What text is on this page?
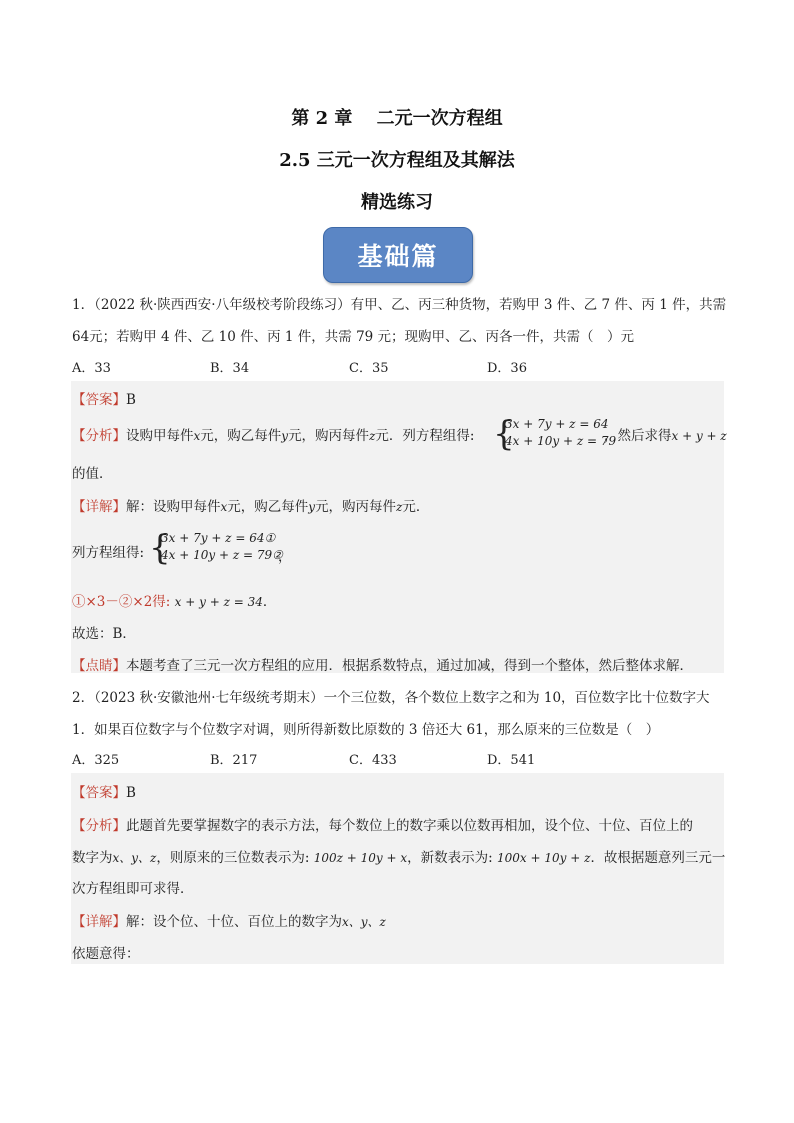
第 2 章　 二元一次方程组
2.5 三元一次方程组及其解法
精选练习
基础篇
1．（2022 秋·陕西西安·八年级校考阶段练习）有甲、乙、丙三种货物，若购甲 3 件、乙 7 件、丙 1 件，共需
64元；若购甲 4 件、乙 10 件、丙 1 件，共需 79 元；现购甲、乙、丙各一件，共需（　）元
A．33	B．34	C．35	D．36
【答案】B
【分析】设购甲每件x元，购乙每件y元，购丙每件z元．列方程组得: {
3x + 7y + z = 64
4x + 10y + z = 79
，然后求得x + y + z
的值．
【详解】解：设购甲每件x元，购乙每件y元，购丙每件z元．
列方程组得: {
3x + 7y + z = 64①
4x + 10y + z = 79②
，
①×3－②×2得: x + y + z = 34．
故选：B．
【点睛】本题考查了三元一次方程组的应用．根据系数特点，通过加减，得到一个整体，然后整体求解．
2．（2023 秋·安徽池州·七年级统考期末）一个三位数，各个数位上数字之和为 10，百位数字比十位数字大
1．如果百位数字与个位数字对调，则所得新数比原数的 3 倍还大 61，那么原来的三位数是（　）
A．325	B．217	C．433	D．541
【答案】B
【分析】此题首先要掌握数字的表示方法，每个数位上的数字乘以位数再相加，设个位、十位、百位上的
数字为x、y、z，则原来的三位数表示为: 100z + 10y + x，新数表示为: 100x + 10y + z．故根据题意列三元一
次方程组即可求得．
【详解】解：设个位、十位、百位上的数字为x、y、z
依题意得：
